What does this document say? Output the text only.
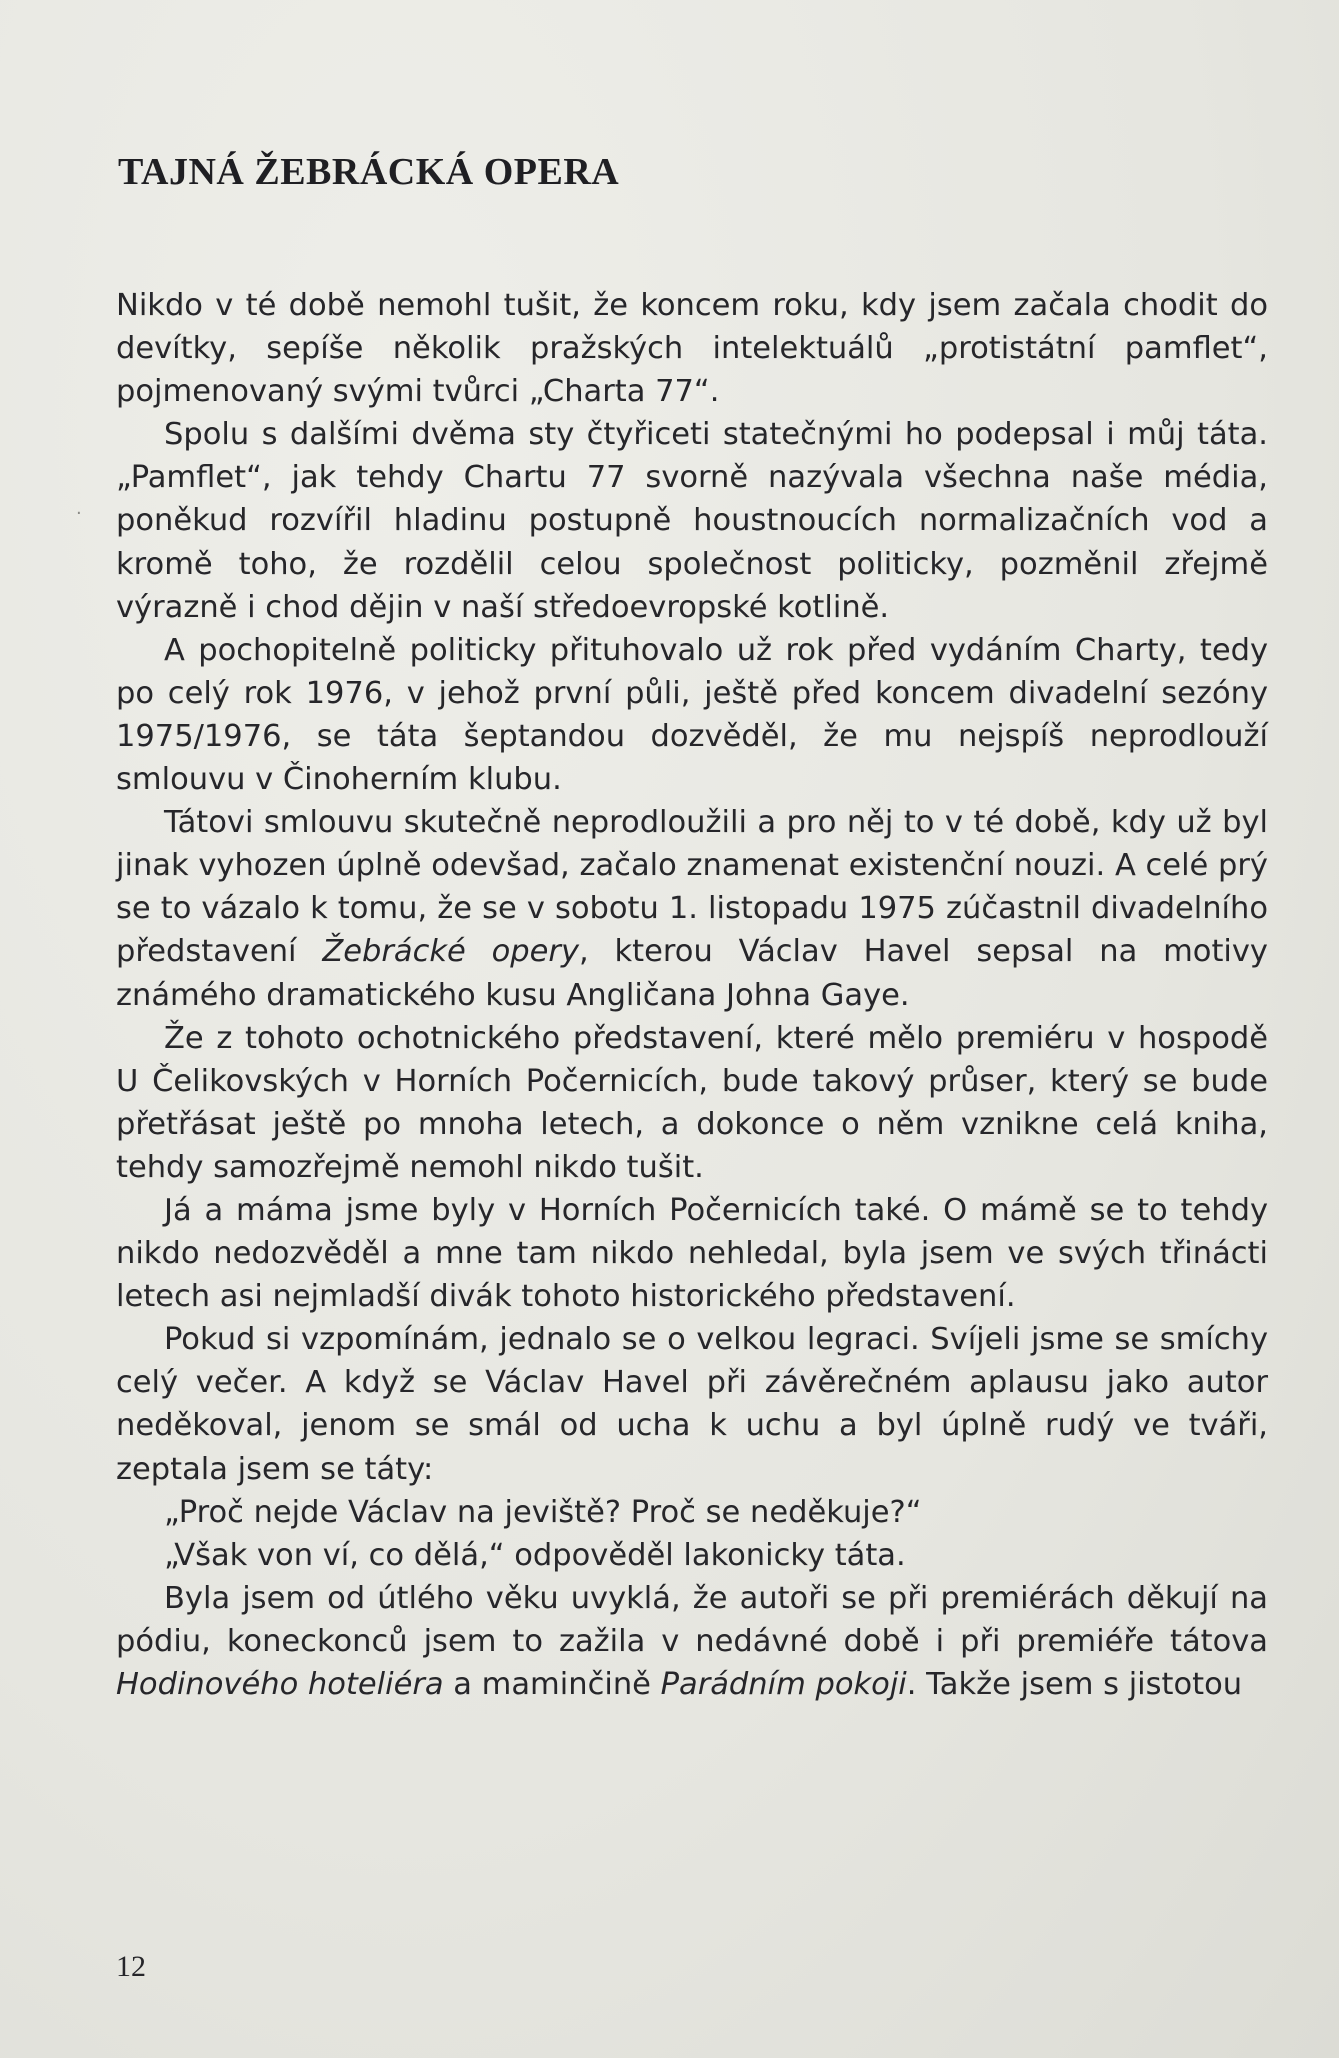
TAJNÁ ŽEBRÁCKÁ OPERA
·

Nikdo v té době nemohl tušit, že koncem roku, kdy jsem začala chodit do devítky, sepíše několik pražských intelektuálů „protistátní pamflet“, pojmenovaný svými tvůrci „Charta 77“.

Spolu s dalšími dvěma sty čtyřiceti statečnými ho podepsal i můj táta. „Pamflet“, jak tehdy Chartu 77 svorně nazývala všechna naše média, poněkud rozvířil hladinu postupně houstnoucích normalizačních vod a kromě toho, že rozdělil celou společnost politicky, pozměnil zřejmě výrazně i chod dějin v naší středoevropské kotlině.

A pochopitelně politicky přituhovalo už rok před vydáním Charty, tedy po celý rok 1976, v jehož první půli, ještě před koncem divadelní sezóny 1975/1976, se táta šeptandou dozvěděl, že mu nejspíš neprodlouží smlouvu v Činoherním klubu.

Tátovi smlouvu skutečně neprodloužili a pro něj to v té době, kdy už byl jinak vyhozen úplně odevšad, začalo znamenat existenční nouzi. A celé prý se to vázalo k tomu, že se v sobotu 1. listopadu 1975 zúčastnil divadelního představení Žebrácké opery, kterou Václav Havel sepsal na motivy známého dramatického kusu Angličana Johna Gaye.

Že z tohoto ochotnického představení, které mělo premiéru v hospodě U Čelikovských v Horních Počernicích, bude takový průser, který se bude přetřásat ještě po mnoha letech, a dokonce o něm vznikne celá kniha, tehdy samozřejmě nemohl nikdo tušit.

Já a máma jsme byly v Horních Počernicích také. O mámě se to tehdy nikdo nedozvěděl a mne tam nikdo nehledal, byla jsem ve svých třinácti letech asi nejmladší divák tohoto historického představení.

Pokud si vzpomínám, jednalo se o velkou legraci. Svíjeli jsme se smíchy celý večer. A když se Václav Havel při závěrečném aplausu jako autor neděkoval, jenom se smál od ucha k uchu a byl úplně rudý ve tváři, zeptala jsem se táty:

„Proč nejde Václav na jeviště? Proč se neděkuje?“

„Však von ví, co dělá,“ odpověděl lakonicky táta.

Byla jsem od útlého věku uvyklá, že autoři se při premiérách děkují na pódiu, koneckonců jsem to zažila v nedávné době i při premiéře tátova Hodinového hoteliéra a maminčině Parádním pokoji. Takže jsem s jistotou

12
